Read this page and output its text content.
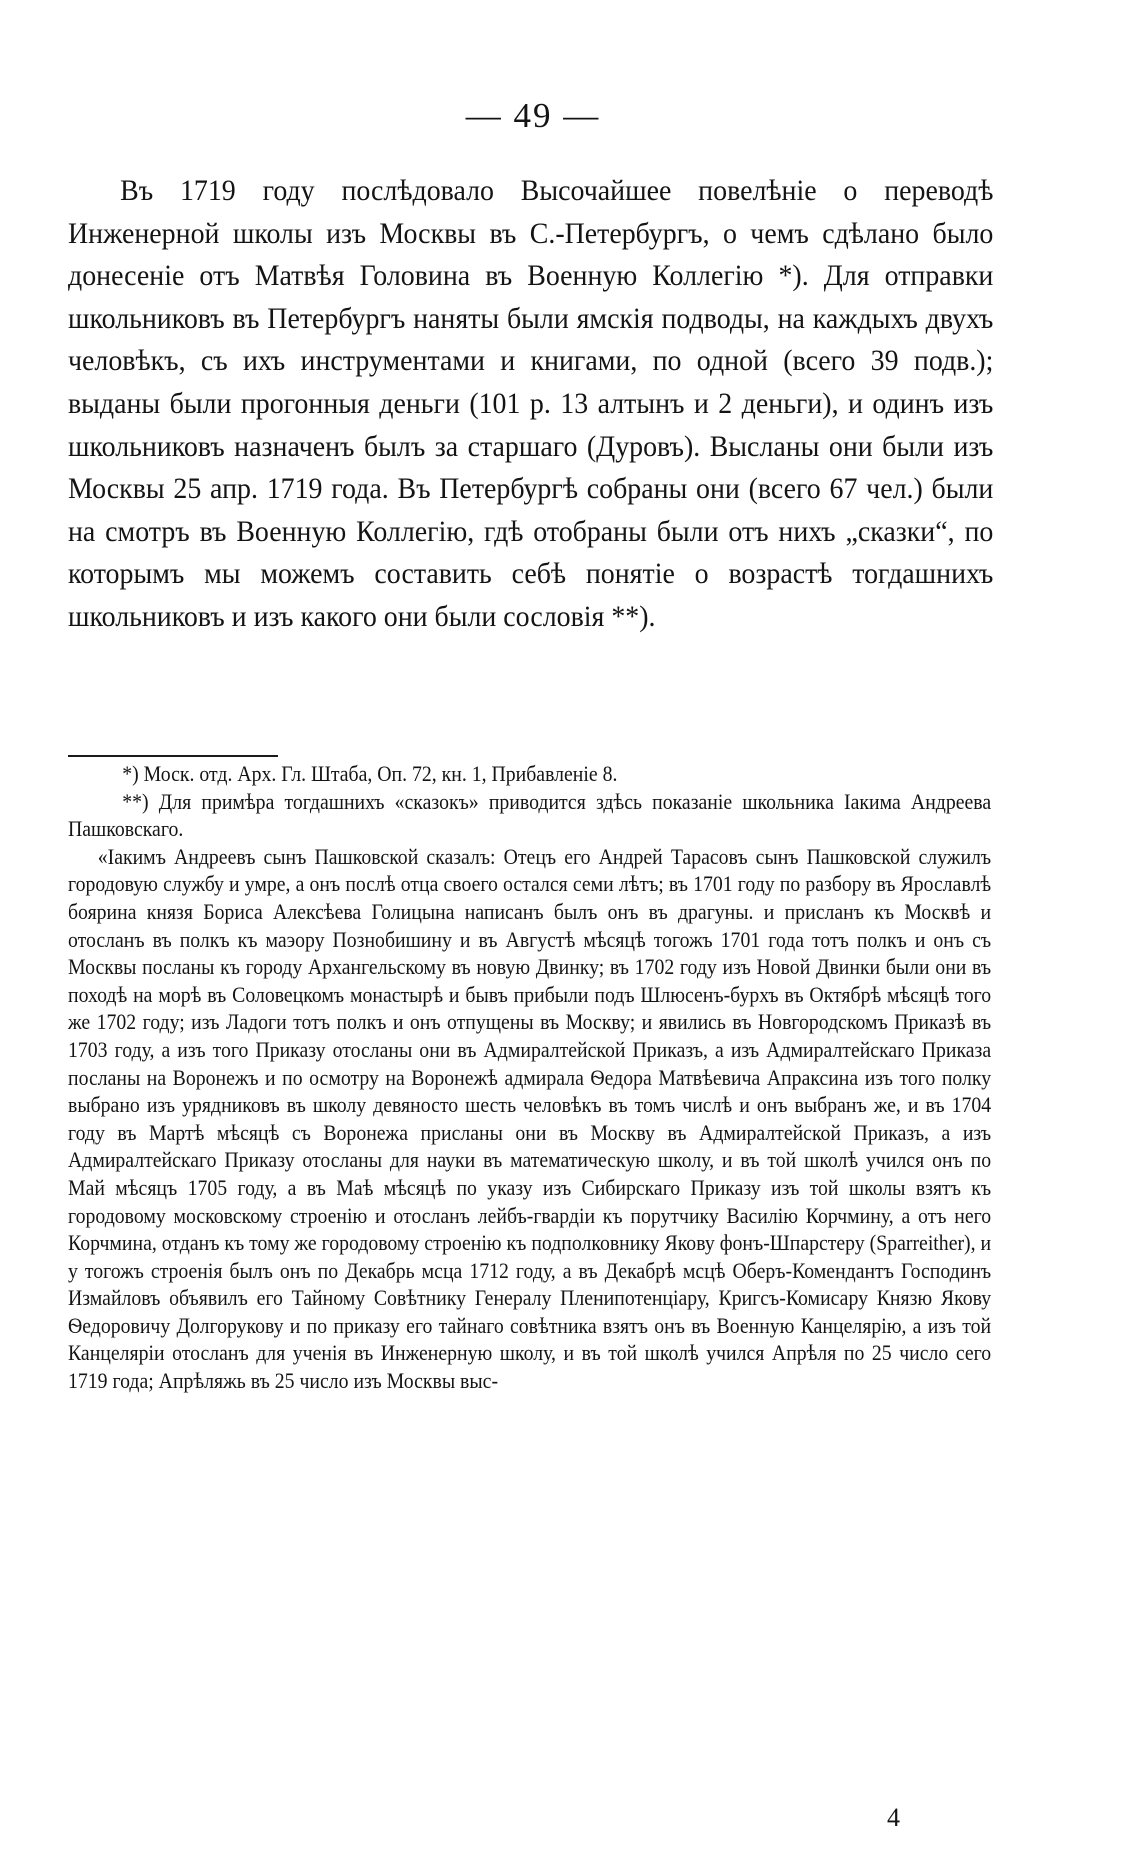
— 49 —

Въ 1719 году послѣдовало Высочайшее повелѣніе о переводѣ Инженерной школы изъ Москвы въ С.-Петербургъ, о чемъ сдѣлано было донесеніе отъ Матвѣя Головина въ Военную Коллегію *). Для отправки школьниковъ въ Петербургъ наняты были ямскія подводы, на каждыхъ двухъ человѣкъ, съ ихъ инструментами и книгами, по одной (всего 39 подв.); выданы были прогонныя деньги (101 р. 13 алтынъ и 2 деньги), и одинъ изъ школьниковъ назначенъ былъ за старшаго (Дуровъ). Высланы они были изъ Москвы 25 апр. 1719 года. Въ Петербургѣ собраны они (всего 67 чел.) были на смотръ въ Военную Коллегію, гдѣ отобраны были отъ нихъ „сказки“, по которымъ мы можемъ составить себѣ понятіе о возрастѣ тогдашнихъ школьниковъ и изъ какого они были сословія **).

*) Моск. отд. Арх. Гл. Штаба, Оп. 72, кн. 1, Прибавленіе 8.

**) Для примѣра тогдашнихъ «сказокъ» приводится здѣсь показаніе школьника Іакима Андреева Пашковскаго.

«Іакимъ Андреевъ сынъ Пашковской сказалъ: Отецъ его Андрей Тарасовъ сынъ Пашковской служилъ городовую службу и умре, а онъ послѣ отца своего остался семи лѣтъ; въ 1701 году по разбору въ Ярославлѣ боярина князя Бориса Алексѣева Голицына написанъ былъ онъ въ драгуны. и присланъ къ Москвѣ и отосланъ въ полкъ къ маэору Познобишину и въ Августѣ мѣсяцѣ тогожъ 1701 года тотъ полкъ и онъ съ Москвы посланы къ городу Архангельскому въ новую Двинку; въ 1702 году изъ Новой Двинки были они въ походѣ на морѣ въ Соловецкомъ монастырѣ и бывъ прибыли подъ Шлюсенъ-бурхъ въ Октябрѣ мѣсяцѣ того же 1702 году; изъ Ладоги тотъ полкъ и онъ отпущены въ Москву; и явились въ Новгородскомъ Приказѣ въ 1703 году, а изъ того Приказу отосланы они въ Адмиралтейской Приказъ, а изъ Адмиралтейскаго Приказа посланы на Воронежъ и по осмотру на Воронежѣ адмирала Ѳедора Матвѣевича Апраксина изъ того полку выбрано изъ урядниковъ въ школу девяносто шесть человѣкъ въ томъ числѣ и онъ выбранъ же, и въ 1704 году въ Мартѣ мѣсяцѣ съ Воронежа присланы они въ Москву въ Адмиралтейской Приказъ, а изъ Адмиралтейскаго Приказу отосланы для науки въ математическую школу, и въ той школѣ учился онъ по Май мѣсяцъ 1705 году, а въ Маѣ мѣсяцѣ по указу изъ Сибирскаго Приказу изъ той школы взятъ къ городовому московскому строенію и отосланъ лейбъ-гвардіи къ порутчику Василію Корчмину, а отъ него Корчмина, отданъ къ тому же городовому строенію къ подполковнику Якову фонъ-Шпарстеру (Sparreither), и у тогожъ строенія былъ онъ по Декабрь мсца 1712 году, а въ Декабрѣ мсцѣ Оберъ-Комендантъ Господинъ Измайловъ объявилъ его Тайному Совѣтнику Генералу Пленипотенціару, Кригсъ-Комисару Князю Якову Ѳедоровичу Долгорукову и по приказу его тайнаго совѣтника взятъ онъ въ Военную Канцелярію, а изъ той Канцеляріи отосланъ для ученія въ Инженерную школу, и въ той школѣ учился Апрѣля по 25 число сего 1719 года; Апрѣляжь въ 25 число изъ Москвы выс-

4
